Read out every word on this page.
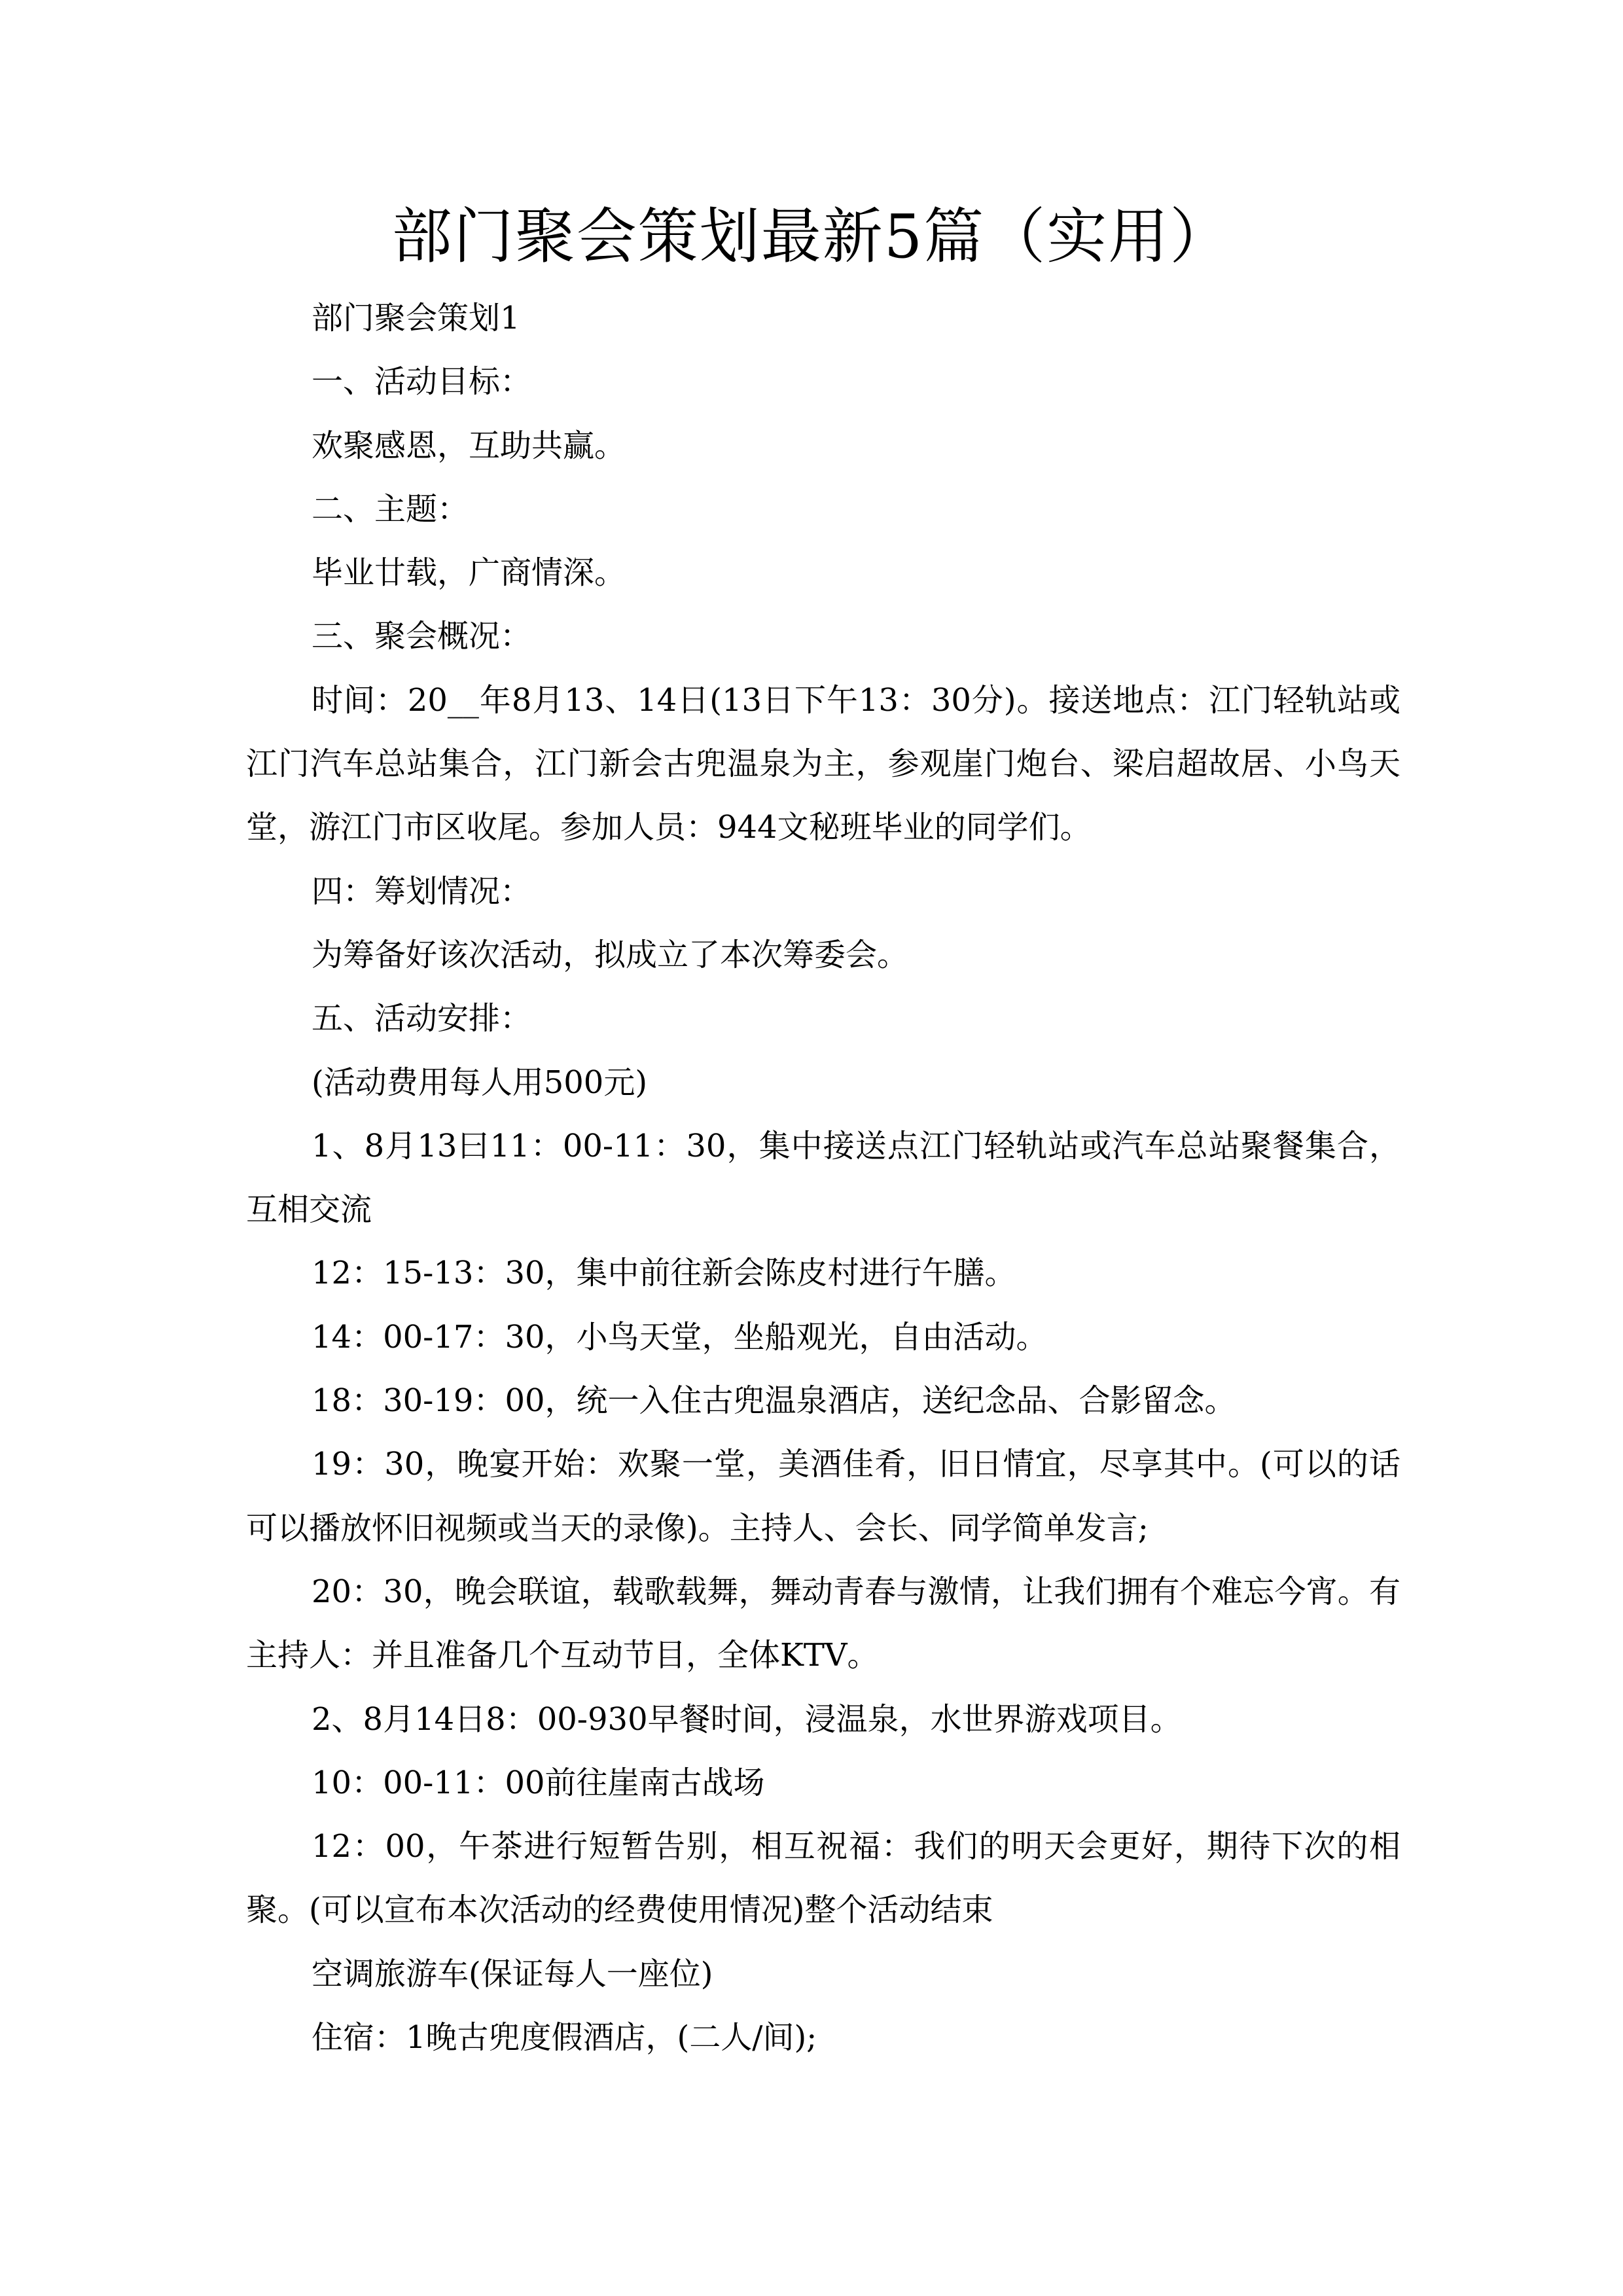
部门聚会策划最新5篇（实用）

部门聚会策划1

一、活动目标：

欢聚感恩，互助共赢。

二、主题：

毕业廿载，广商情深。

三、聚会概况：

时间：20__年8月13、14日(13日下午13：30分)。接送地点：江门轻轨站或江门汽车总站集合，江门新会古兜温泉为主，参观崖门炮台、梁启超故居、小鸟天堂，游江门市区收尾。参加人员：944文秘班毕业的同学们。

四：筹划情况：

为筹备好该次活动，拟成立了本次筹委会。

五、活动安排：

(活动费用每人用500元)

1、8月13曰11：00-11：30，集中接送点江门轻轨站或汽车总站聚餐集合，互相交流

12：15-13：30，集中前往新会陈皮村进行午膳。

14：00-17：30，小鸟天堂，坐船观光，自由活动。

18：30-19：00，统一入住古兜温泉酒店，送纪念品、合影留念。

19：30，晚宴开始：欢聚一堂，美酒佳肴，旧日情宜，尽享其中。(可以的话可以播放怀旧视频或当天的录像)。主持人、会长、同学简单发言;

20：30，晚会联谊，载歌载舞，舞动青春与激情，让我们拥有个难忘今宵。有主持人：并且准备几个互动节目，全体KTV。

2、8月14日8：00-930早餐时间，浸温泉，水世界游戏项目。

10：00-11：00前往崖南古战场

12：00，午茶进行短暂告别，相互祝福：我们的明天会更好，期待下次的相聚。(可以宣布本次活动的经费使用情况)整个活动结束

空调旅游车(保证每人一座位)

住宿：1晚古兜度假酒店，(二人/间);
